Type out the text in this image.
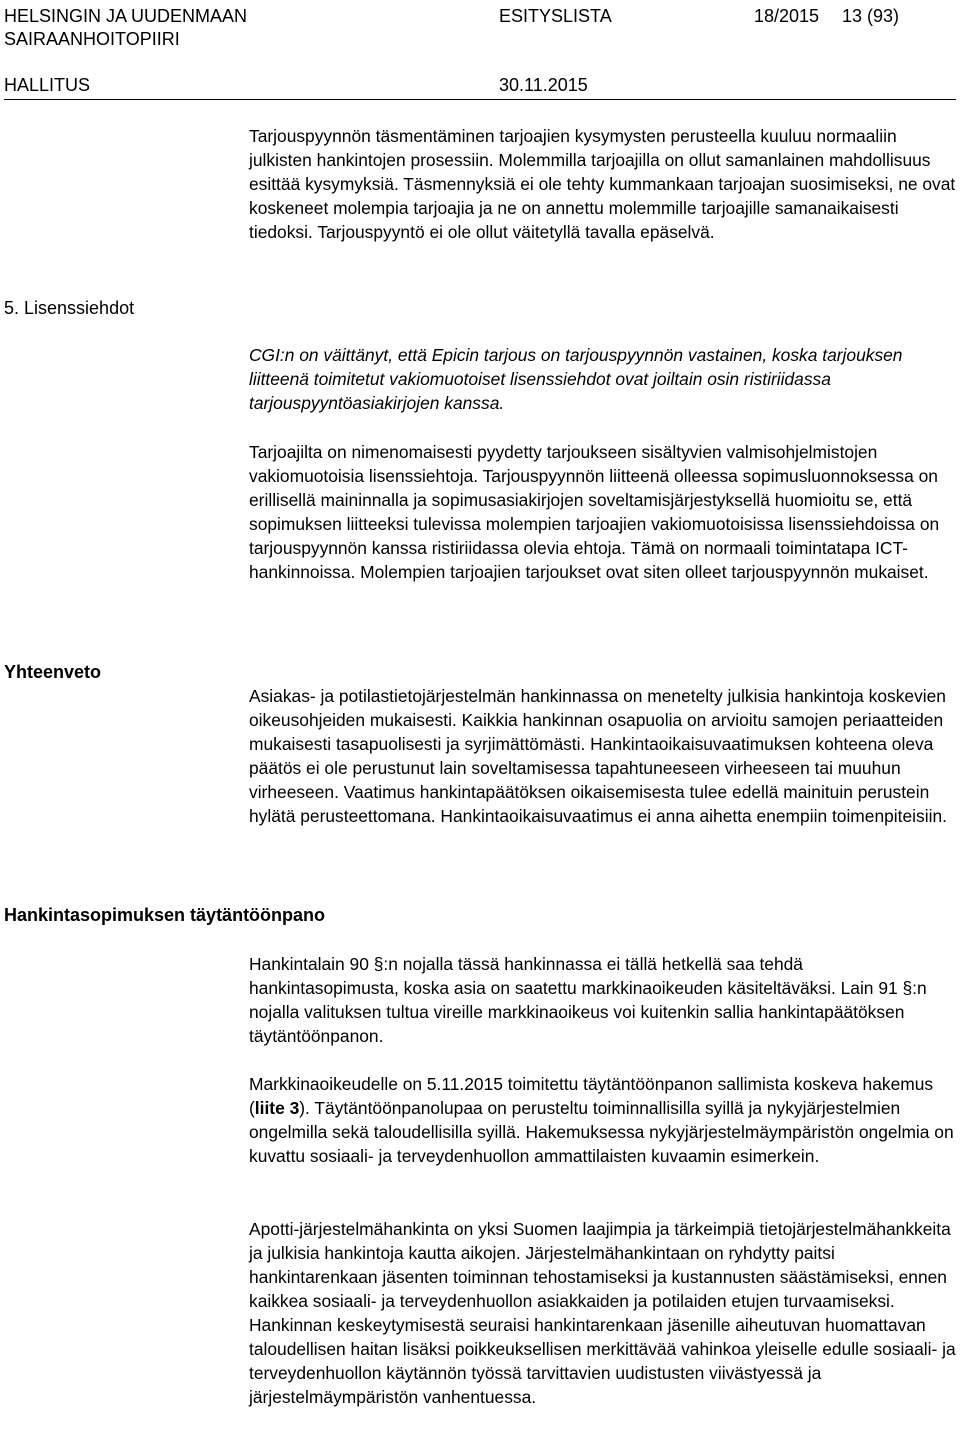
HELSINGIN JA UUDENMAAN
SAIRAANHOITOPIIRI
ESITYSLISTA	18/2015 13 (93)
HALLITUS	30.11.2015
5. Lisenssiehdot
Yhteenveto
Hankintasopimuksen täytäntöönpano

Tarjouspyynnön täsmentäminen tarjoajien kysymysten perusteella kuuluu normaaliin julkisten hankintojen prosessiin. Molemmilla tarjoajilla on ollut samanlainen mahdollisuus esittää kysymyksiä. Täsmennyksiä ei ole tehty kummankaan tarjoajan suosimiseksi, ne ovat koskeneet molempia tarjoajia ja ne on annettu molemmille tarjoajille samanaikaisesti tiedoksi. Tarjouspyyntö ei ole ollut väitetyllä tavalla epäselvä.

CGI:n on väittänyt, että Epicin tarjous on tarjouspyynnön vastainen, koska tarjouksen liitteenä toimitetut vakiomuotoiset lisenssiehdot ovat joiltain osin ristiriidassa tarjouspyyntöasiakirjojen kanssa.

Tarjoajilta on nimenomaisesti pyydetty tarjoukseen sisältyvien valmisohjelmistojen vakiomuotoisia lisenssiehtoja. Tarjouspyynnön liitteenä olleessa sopimusluonnoksessa on erillisellä maininnalla ja sopimusasiakirjojen soveltamisjärjestyksellä huomioitu se, että sopimuksen liitteeksi tulevissa molempien tarjoajien vakiomuotoisissa lisenssiehdoissa on tarjouspyynnön kanssa ristiriidassa olevia ehtoja. Tämä on normaali toimintatapa ICT-hankinnoissa. Molempien tarjoajien tarjoukset ovat siten olleet tarjouspyynnön mukaiset.

Asiakas- ja potilastietojärjestelmän hankinnassa on menetelty julkisia hankintoja koskevien oikeusohjeiden mukaisesti. Kaikkia hankinnan osapuolia on arvioitu samojen periaatteiden mukaisesti tasapuolisesti ja syrjimättömästi. Hankintaoikaisuvaatimuksen kohteena oleva päätös ei ole perustunut lain soveltamisessa tapahtuneeseen virheeseen tai muuhun virheeseen. Vaatimus hankintapäätöksen oikaisemisesta tulee edellä mainituin perustein hylätä perusteettomana. Hankintaoikaisuvaatimus ei anna aihetta enempiin toimenpiteisiin.

Hankintalain 90 §:n nojalla tässä hankinnassa ei tällä hetkellä saa tehdä hankintasopimusta, koska asia on saatettu markkinaoikeuden käsiteltäväksi. Lain 91 §:n nojalla valituksen tultua vireille markkinaoikeus voi kuitenkin sallia hankintapäätöksen täytäntöönpanon.

Markkinaoikeudelle on 5.11.2015 toimitettu täytäntöönpanon sallimista koskeva hakemus (liite 3). Täytäntöönpanolupaa on perusteltu toiminnallisilla syillä ja nykyjärjestelmien ongelmilla sekä taloudellisilla syillä. Hakemuksessa nykyjärjestelmäympäristön ongelmia on kuvattu sosiaali- ja terveydenhuollon ammattilaisten kuvaamin esimerkein.

Apotti-järjestelmähankinta on yksi Suomen laajimpia ja tärkeimpiä tietojärjestelmähankkeita ja julkisia hankintoja kautta aikojen. Järjestelmähankintaan on ryhdytty paitsi hankintarenkaan jäsenten toiminnan tehostamiseksi ja kustannusten säästämiseksi, ennen kaikkea sosiaali- ja terveydenhuollon asiakkaiden ja potilaiden etujen turvaamiseksi. Hankinnan keskeytymisestä seuraisi hankintarenkaan jäsenille aiheutuvan huomattavan taloudellisen haitan lisäksi poikkeuksellisen merkittävää vahinkoa yleiselle edulle sosiaali- ja terveydenhuollon käytännön työssä tarvittavien uudistusten viivästyessä ja järjestelmäympäristön vanhentuessa.
